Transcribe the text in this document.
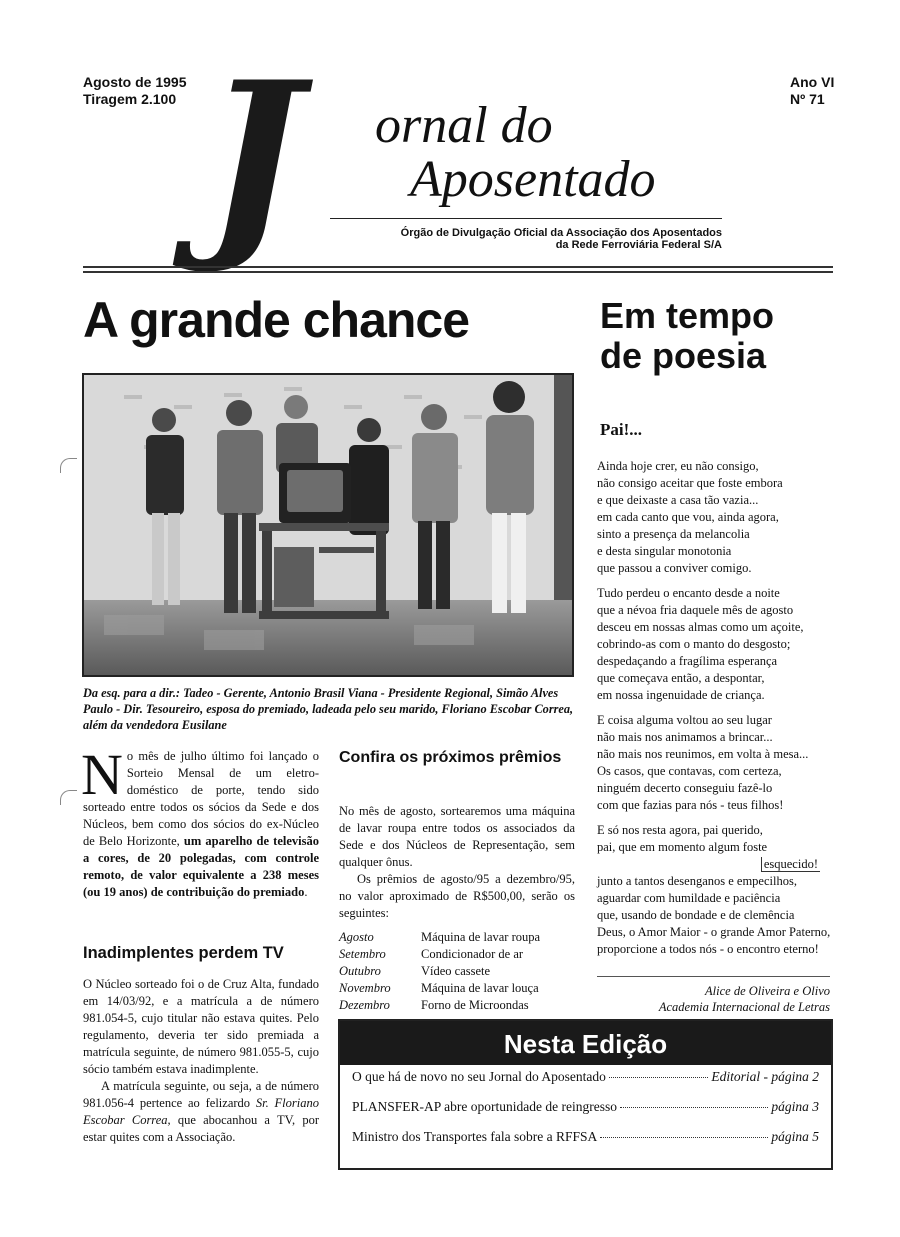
Agosto de 1995
Tiragem 2.100
Ano VI
Nº 71
J ornal do
Aposentado
Órgão de Divulgação Oficial da Associação dos Aposentados
da Rede Ferroviária Federal S/A
A grande chance	Em tempo
de poesia
Da esq. para a dir.: Tadeo - Gerente, Antonio Brasil Viana - Presidente Regional, Simão Alves Paulo - Dir. Tesoureiro, esposa do premiado, ladeada pelo seu marido, Floriano Escobar Correa, além da vendedora Eusilane
N o mês de julho último foi lançado o Sorteio Mensal de um eletro-doméstico de porte, tendo sido sorteado entre todos os sócios da Sede e dos Núcleos, bem como dos sócios do ex-Núcleo de Belo Horizonte, um aparelho de televisão a cores, de 20 polegadas, com controle remoto, de valor equivalente a 238 meses (ou 19 anos) de contribuição do premiado.

Inadimplentes perdem TV

O Núcleo sorteado foi o de Cruz Alta, fundado em 14/03/92, e a matrícula a de número 981.054-5, cujo titular não estava quites. Pelo regulamento, deveria ter sido premiada a matrícula seguinte, de número 981.055-5, cujo sócio também estava inadimplente.

A matrícula seguinte, ou seja, a de número 981.056-4 pertence ao felizardo Sr. Floriano Escobar Correa, que abocanhou a TV, por estar quites com a Associação.

Confira os próximos prêmios

No mês de agosto, sortearemos uma máquina de lavar roupa entre todos os associados da Sede e dos Núcleos de Representação, sem qualquer ônus.

Os prêmios de agosto/95 a dezembro/95, no valor aproximado de R$500,00, serão os seguintes:

Agosto	Máquina de lavar roupa
Setembro	Condicionador de ar
Outubro	Vídeo cassete
Novembro	Máquina de lavar louça
Dezembro	Forno de Microondas
Pai!...
Ainda hoje crer, eu não consigo,
não consigo aceitar que foste embora
e que deixaste a casa tão vazia...
em cada canto que vou, ainda agora,
sinto a presença da melancolia
e desta singular monotonia
que passou a conviver comigo.
Tudo perdeu o encanto desde a noite
que a névoa fria daquele mês de agosto
desceu em nossas almas como um açoite,
cobrindo-as com o manto do desgosto;
despedaçando a fragílima esperança
que começava então, a despontar,
em nossa ingenuidade de criança.
E coisa alguma voltou ao seu lugar
não mais nos animamos a brincar...
não mais nos reunimos, em volta à mesa...
Os casos, que contavas, com certeza,
ninguém decerto conseguiu fazê-lo
com que fazias para nós - teus filhos!
E só nos resta agora, pai querido,
pai, que em momento algum foste
esquecido!
junto a tantos desenganos e empecilhos,
aguardar com humildade e paciência
que, usando de bondade e de clemência
Deus, o Amor Maior - o grande Amor Paterno,
proporcione a todos nós - o encontro eterno!
Alice de Oliveira e Olivo
Academia Internacional de Letras
Nesta Edição
O que há de novo no seu Jornal do Aposentado	Editorial - página 2
PLANSFER-AP abre oportunidade de reingresso	página 3
Ministro dos Transportes fala sobre a RFFSA	página 5
